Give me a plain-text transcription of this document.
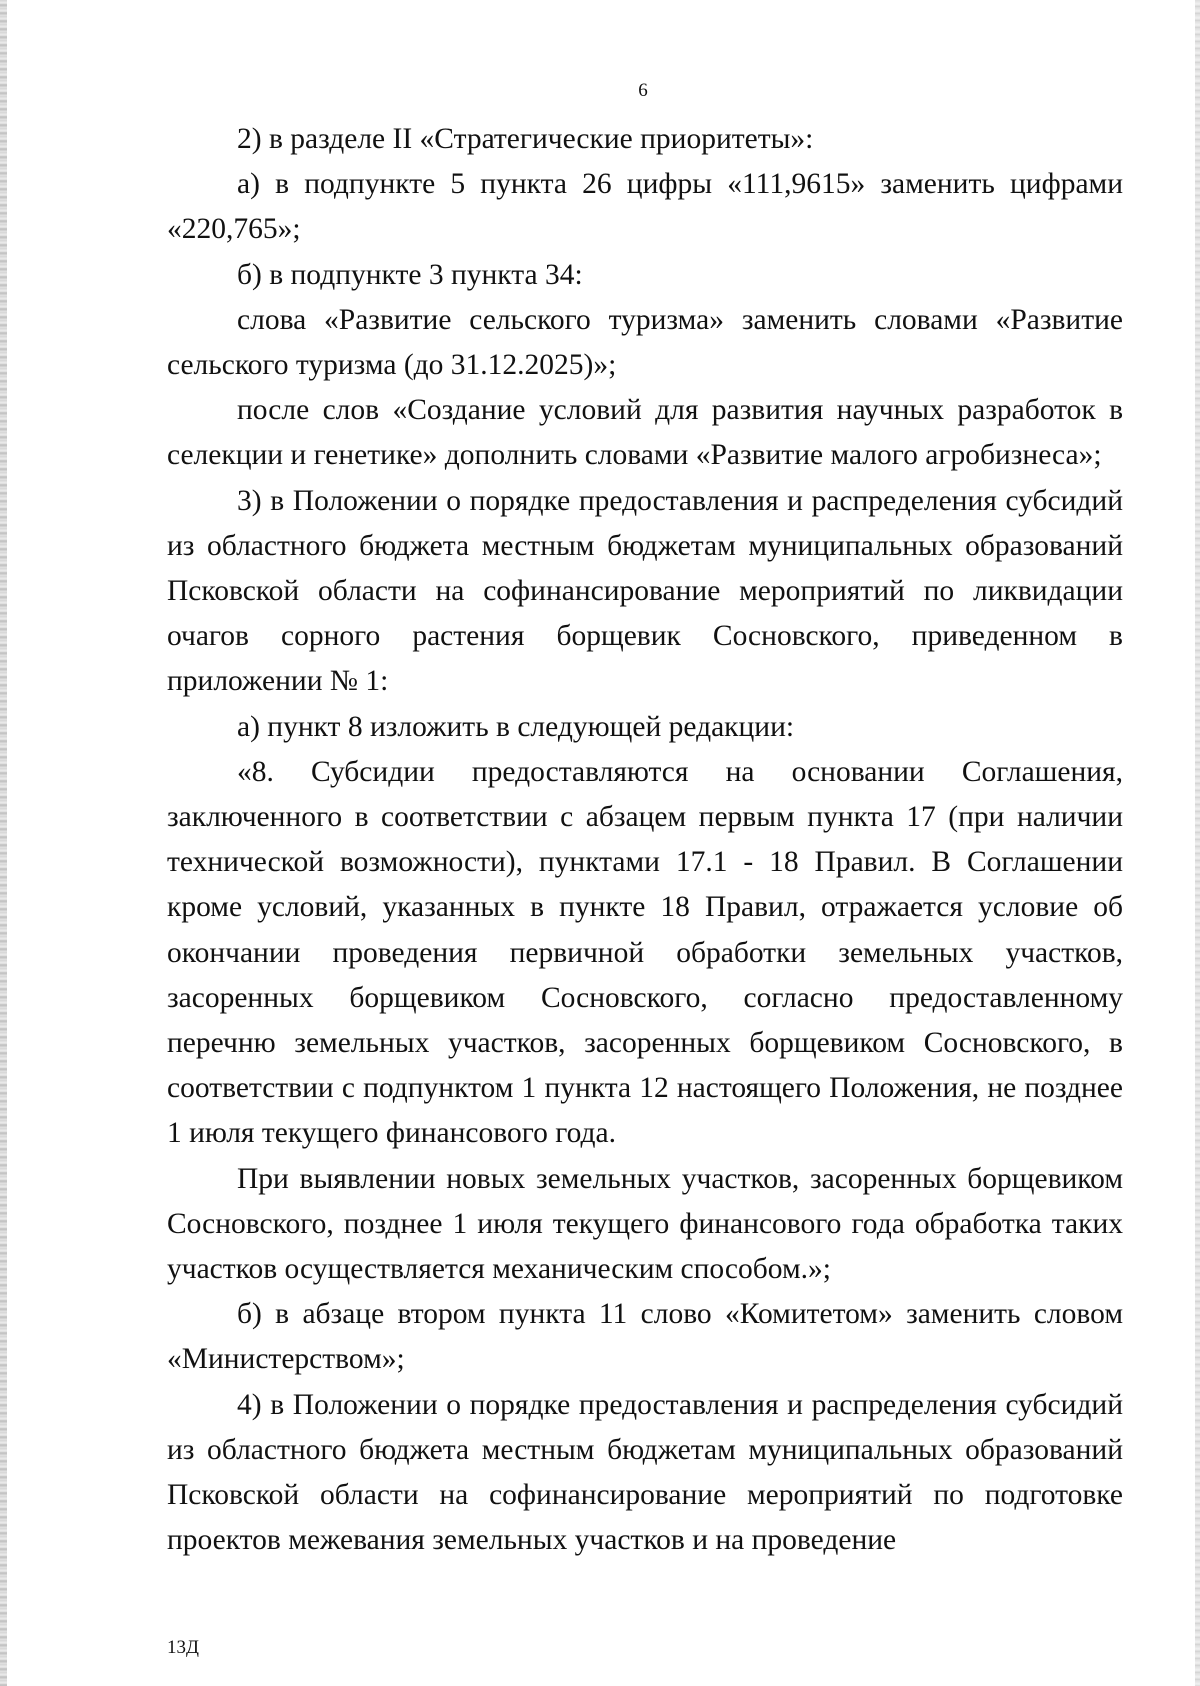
6

2) в разделе II «Стратегические приоритеты»:

а) в подпункте 5 пункта 26 цифры «111,9615» заменить цифрами «220,765»;

б) в подпункте 3 пункта 34:

слова «Развитие сельского туризма» заменить словами «Развитие сельского туризма (до 31.12.2025)»;

после слов «Создание условий для развития научных разработок в селекции и генетике» дополнить словами «Развитие малого агробизнеса»;

3) в Положении о порядке предоставления и распределения субсидий из областного бюджета местным бюджетам муниципальных образований Псковской области на софинансирование мероприятий по ликвидации очагов сорного растения борщевик Сосновского, приведенном в приложении № 1:

а) пункт 8 изложить в следующей редакции:

«8. Субсидии предоставляются на основании Соглашения, заключенного в соответствии с абзацем первым пункта 17 (при наличии технической возможности), пунктами 17.1 - 18 Правил. В Соглашении кроме условий, указанных в пункте 18 Правил, отражается условие об окончании проведения первичной обработки земельных участков, засоренных борщевиком Сосновского, согласно предоставленному перечню земельных участков, засоренных борщевиком Сосновского, в соответствии с подпунктом 1 пункта 12 настоящего Положения, не позднее 1 июля текущего финансового года.

При выявлении новых земельных участков, засоренных борщевиком Сосновского, позднее 1 июля текущего финансового года обработка таких участков осуществляется механическим способом.»;

б) в абзаце втором пункта 11 слово «Комитетом» заменить словом «Министерством»;

4) в Положении о порядке предоставления и распределения субсидий из областного бюджета местным бюджетам муниципальных образований Псковской области на софинансирование мероприятий по подготовке проектов межевания земельных участков и на проведение

13Д
